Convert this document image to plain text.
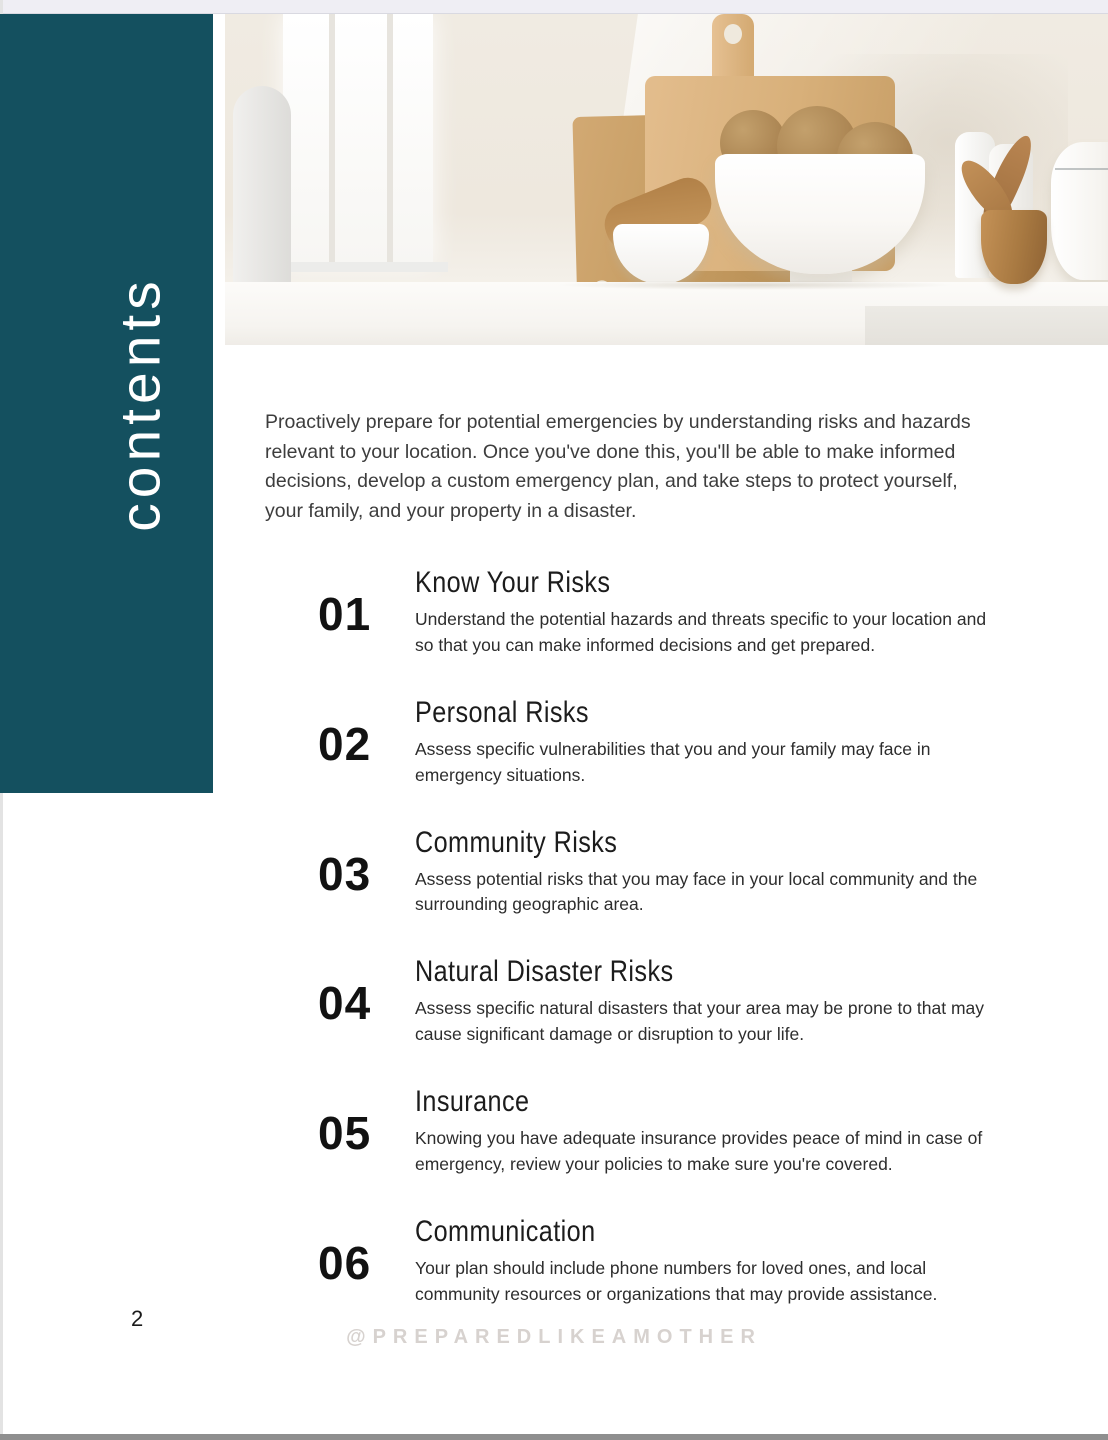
contents	Proactively prepare for potential emergencies by understanding risks and hazards relevant to your location. Once you've done this, you'll be able to make informed decisions, develop a custom emergency plan, and take steps to protect yourself, your family, and your property in a disaster.
01
Know Your Risks
Understand the potential hazards and threats specific to your location and so that you can make informed decisions and get prepared.
02
Personal Risks
Assess specific vulnerabilities that you and your family may face in emergency situations.
03
Community Risks
Assess potential risks that you may face in your local community and the surrounding geographic area.
04
Natural Disaster Risks
Assess specific natural disasters that your area may be prone to that may cause significant damage or disruption to your life.
05
Insurance
Knowing you have adequate insurance provides peace of mind in case of emergency, review your policies to make sure you're covered.
06
Communication
Your plan should include phone numbers for loved ones, and local community resources or organizations that may provide assistance.
2
@PREPAREDLIKEAMOTHER
